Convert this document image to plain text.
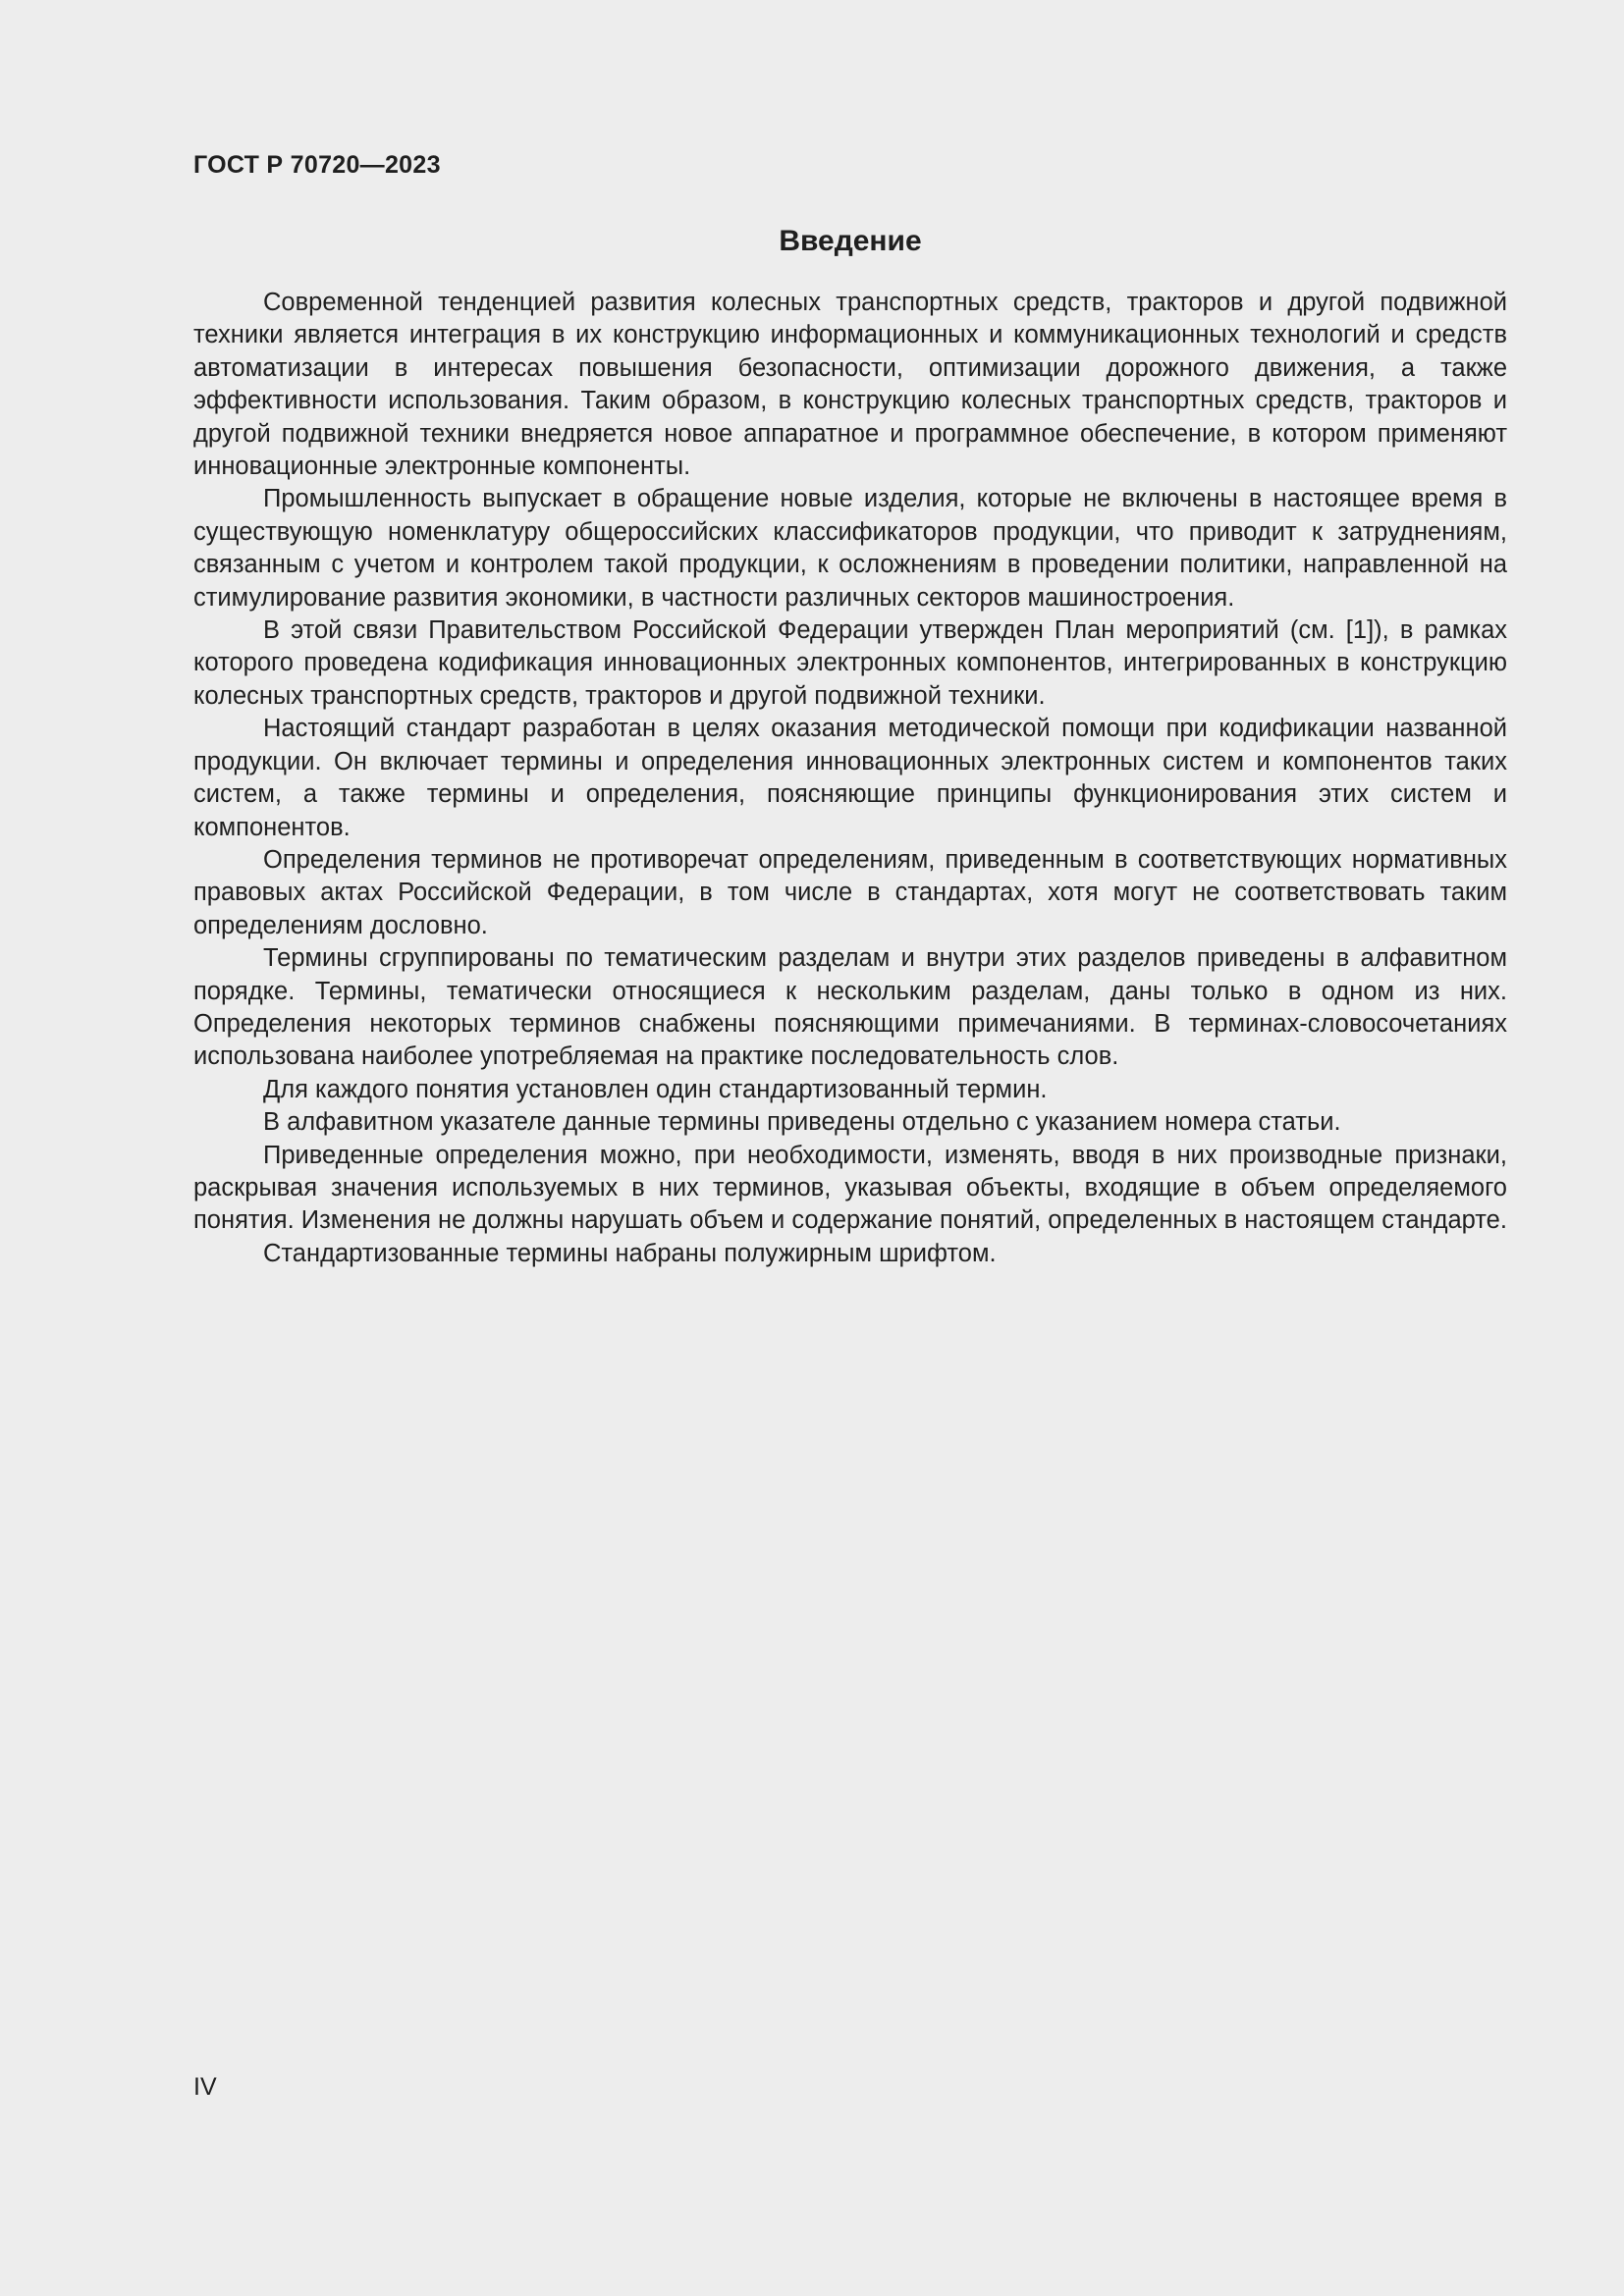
ГОСТ Р 70720—2023
Введение

Современной тенденцией развития колесных транспортных средств, тракторов и другой подвижной техники является интеграция в их конструкцию информационных и коммуникационных технологий и средств автоматизации в интересах повышения безопасности, оптимизации дорожного движения, а также эффективности использования. Таким образом, в конструкцию колесных транспортных средств, тракторов и другой подвижной техники внедряется новое аппаратное и программное обеспечение, в котором применяют инновационные электронные компоненты.

Промышленность выпускает в обращение новые изделия, которые не включены в настоящее время в существующую номенклатуру общероссийских классификаторов продукции, что приводит к затруднениям, связанным с учетом и контролем такой продукции, к осложнениям в проведении политики, направленной на стимулирование развития экономики, в частности различных секторов машиностроения.

В этой связи Правительством Российской Федерации утвержден План мероприятий (см. [1]), в рамках которого проведена кодификация инновационных электронных компонентов, интегрированных в конструкцию колесных транспортных средств, тракторов и другой подвижной техники.

Настоящий стандарт разработан в целях оказания методической помощи при кодификации названной продукции. Он включает термины и определения инновационных электронных систем и компонентов таких систем, а также термины и определения, поясняющие принципы функционирования этих систем и компонентов.

Определения терминов не противоречат определениям, приведенным в соответствующих нормативных правовых актах Российской Федерации, в том числе в стандартах, хотя могут не соответствовать таким определениям дословно.

Термины сгруппированы по тематическим разделам и внутри этих разделов приведены в алфавитном порядке. Термины, тематически относящиеся к нескольким разделам, даны только в одном из них. Определения некоторых терминов снабжены поясняющими примечаниями. В терминах-словосочетаниях использована наиболее употребляемая на практике последовательность слов.

Для каждого понятия установлен один стандартизованный термин.

В алфавитном указателе данные термины приведены отдельно с указанием номера статьи.

Приведенные определения можно, при необходимости, изменять, вводя в них производные признаки, раскрывая значения используемых в них терминов, указывая объекты, входящие в объем определяемого понятия. Изменения не должны нарушать объем и содержание понятий, определенных в настоящем стандарте.

Стандартизованные термины набраны полужирным шрифтом.

IV
